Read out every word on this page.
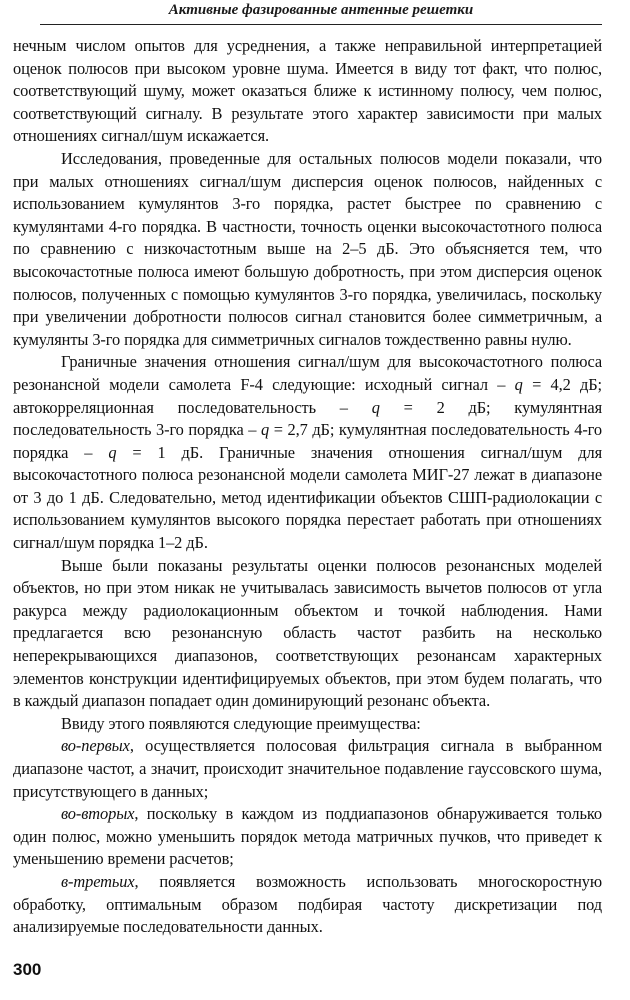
Активные фазированные антенные решетки

нечным числом опытов для усреднения, а также неправильной интерпретацией оценок полюсов при высоком уровне шума. Имеется в виду тот факт, что полюс, соответствующий шуму, может оказаться ближе к истинному полюсу, чем полюс, соответствующий сигналу. В результате этого характер зависимости при малых отношениях сигнал/шум искажается.

Исследования, проведенные для остальных полюсов модели показали, что при малых отношениях сигнал/шум дисперсия оценок полюсов, найденных с использованием кумулянтов 3-го порядка, растет быстрее по сравнению с кумулянтами 4-го порядка. В частности, точность оценки высокочастотного полюса по сравнению с низкочастотным выше на 2–5 дБ. Это объясняется тем, что высокочастотные полюса имеют большую добротность, при этом дисперсия оценок полюсов, полученных с помощью кумулянтов 3-го порядка, увеличилась, поскольку при увеличении добротности полюсов сигнал становится более симметричным, а кумулянты 3-го порядка для симметричных сигналов тождественно равны нулю.

Граничные значения отношения сигнал/шум для высокочастотного полюса резонансной модели самолета F-4 следующие: исходный сигнал – q = 4,2 дБ; автокорреляционная последовательность – q = 2 дБ; кумулянтная последовательность 3-го порядка – q = 2,7 дБ; кумулянтная последовательность 4-го порядка – q = 1 дБ. Граничные значения отношения сигнал/шум для высокочастотного полюса резонансной модели самолета МИГ-27 лежат в диапазоне от 3 до 1 дБ. Следовательно, метод идентификации объектов СШП-радиолокации с использованием кумулянтов высокого порядка перестает работать при отношениях сигнал/шум порядка 1–2 дБ.

Выше были показаны результаты оценки полюсов резонансных моделей объектов, но при этом никак не учитывалась зависимость вычетов полюсов от угла ракурса между радиолокационным объектом и точкой наблюдения. Нами предлагается всю резонансную область частот разбить на несколько неперекрывающихся диапазонов, соответствующих резонансам характерных элементов конструкции идентифицируемых объектов, при этом будем полагать, что в каждый диапазон попадает один доминирующий резонанс объекта.

Ввиду этого появляются следующие преимущества:

во-первых, осуществляется полосовая фильтрация сигнала в выбранном диапазоне частот, а значит, происходит значительное подавление гауссовского шума, присутствующего в данных;

во-вторых, поскольку в каждом из поддиапазонов обнаруживается только один полюс, можно уменьшить порядок метода матричных пучков, что приведет к уменьшению времени расчетов;

в-третьих, появляется возможность использовать многоскоростную обработку, оптимальным образом подбирая частоту дискретизации под анализируемые последовательности данных.

300
